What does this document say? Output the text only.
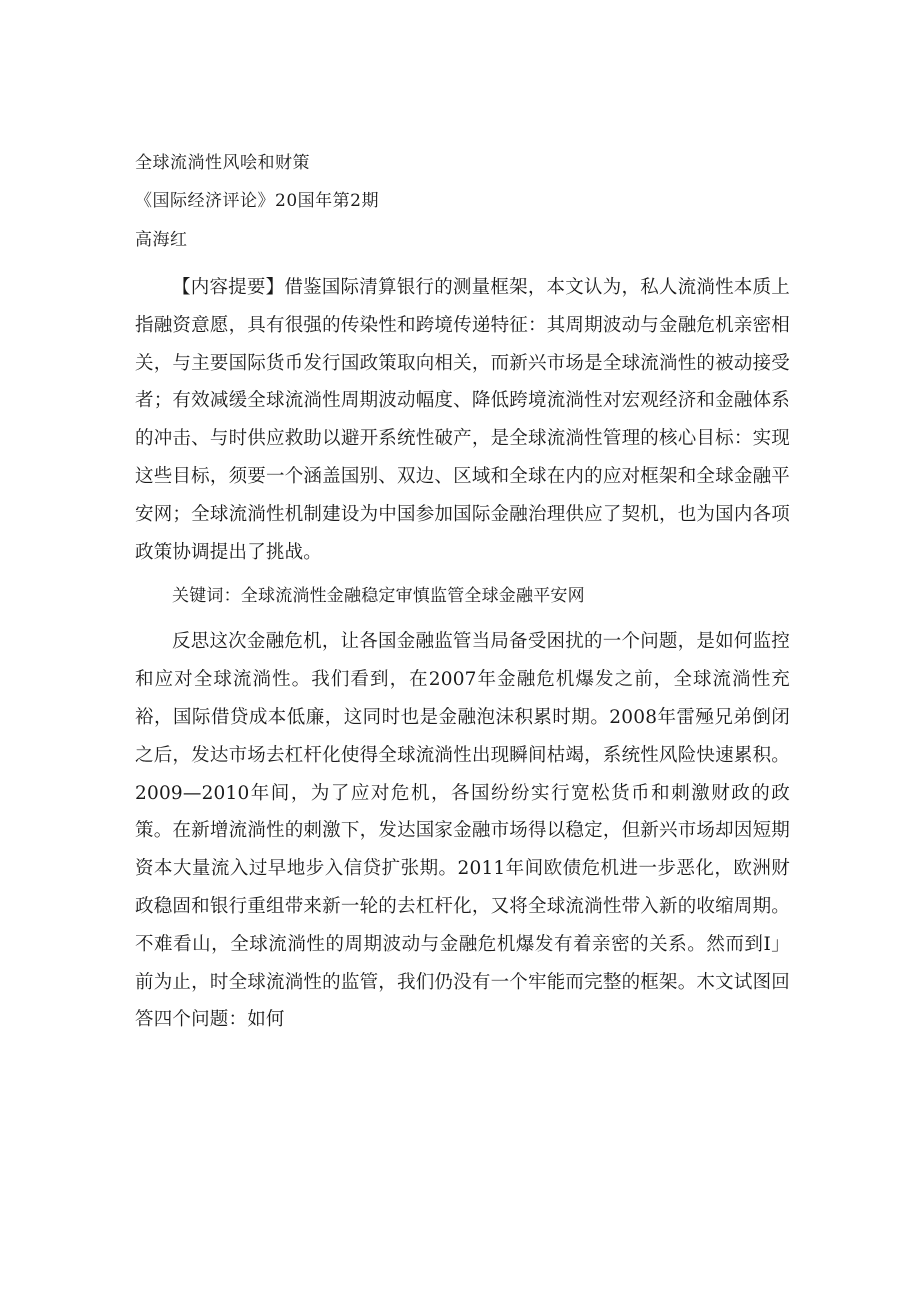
全球流淌性风哙和财策
《国际经济评论》20国年第2期
高海红

【内容提要】借鉴国际清算银行的测量框架，本文认为，私人流淌性本质上指融资意愿，具有很强的传染性和跨境传递特征：其周期波动与金融危机亲密相关，与主要国际货币发行国政策取向相关，而新兴市场是全球流淌性的被动接受者；有效减缓全球流淌性周期波动幅度、降低跨境流淌性对宏观经济和金融体系的冲击、与时供应救助以避开系统性破产，是全球流淌性管理的核心目标：实现这些目标，须要一个涵盖国别、双边、区域和全球在内的应对框架和全球金融平安网；全球流淌性机制建设为中国参加国际金融治理供应了契机，也为国内各项政策协调提出了挑战。

关键词：全球流淌性金融稳定审慎监管全球金融平安网

反思这次金融危机，让各国金融监管当局备受困扰的一个问题，是如何监控和应对全球流淌性。我们看到，在2007年金融危机爆发之前，全球流淌性充裕，国际借贷成本低廉，这同时也是金融泡沫积累时期。2008年雷殛兄弟倒闭之后，发达市场去杠杆化使得全球流淌性出现瞬间枯竭，系统性风险快速累积。2009—2010年间，为了应对危机，各国纷纷实行宽松货币和刺激财政的政策。在新增流淌性的刺激下，发达国家金融市场得以稳定，但新兴市场却因短期资本大量流入过早地步入信贷扩张期。2011年间欧债危机进一步恶化，欧洲财政稳固和银行重组带来新一轮的去杠杆化，又将全球流淌性带入新的收缩周期。不难看山，全球流淌性的周期波动与金融危机爆发有着亲密的关系。然而到I」前为止，时全球流淌性的监管，我们仍没有一个牢能而完整的框架。木文试图回答四个问题：如何
